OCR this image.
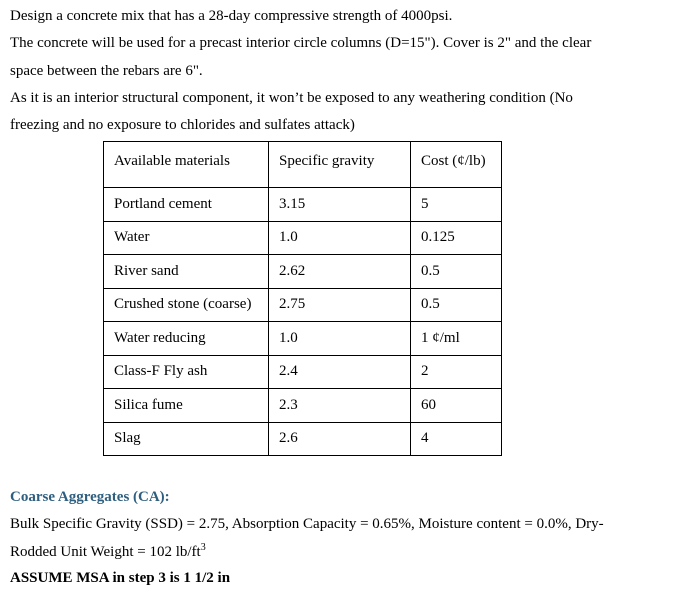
Design a concrete mix that has a 28-day compressive strength of 4000psi.
The concrete will be used for a precast interior circle columns (D=15"). Cover is 2" and the clear
space between the rebars are 6".
As it is an interior structural component, it won’t be exposed to any weathering condition (No
freezing and no exposure to chlorides and sulfates attack)
Available materials	Specific gravity	Cost (¢/lb)
Portland cement	3.15	5
Water	1.0	0.125
River sand	2.62	0.5
Crushed stone (coarse)	2.75	0.5
Water reducing	1.0	1 ¢/ml
Class-F Fly ash	2.4	2
Silica fume	2.3	60
Slag	2.6	4
Coarse Aggregates (CA):
Bulk Specific Gravity (SSD) = 2.75, Absorption Capacity = 0.65%, Moisture content = 0.0%, Dry-
Rodded Unit Weight = 102 $lb/ft^3$
ASSUME MSA in step 3 is 1 1/2 in
